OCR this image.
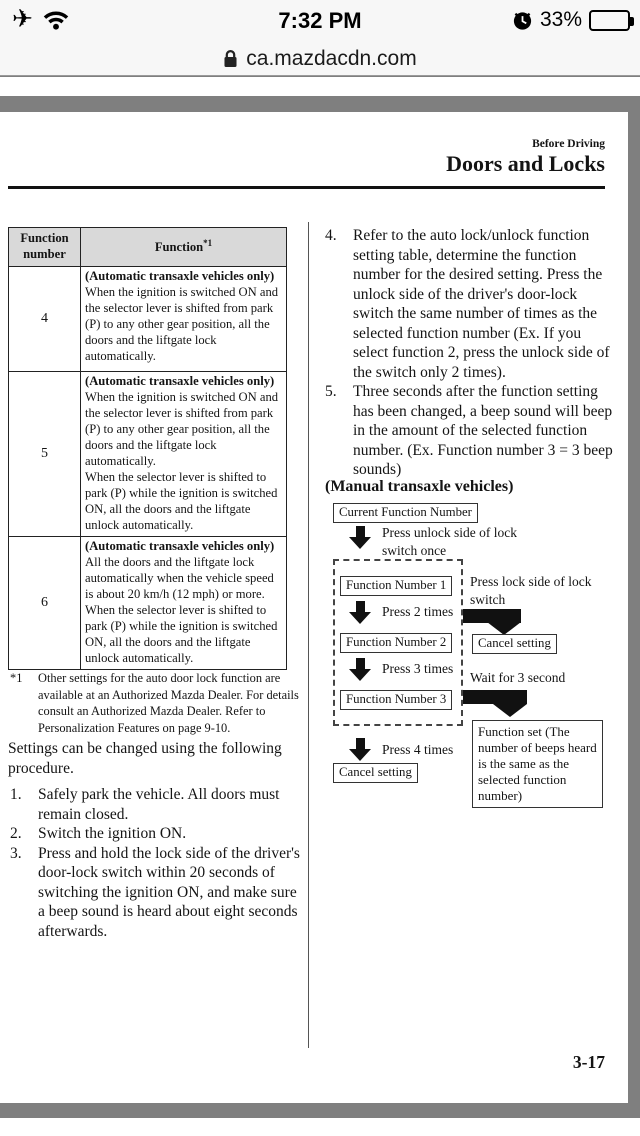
✈	7:32 PM	33%
ca.mazdacdn.com
Before Driving
Doors and Locks
Function number	Function$^{*1}$
4	(Automatic transaxle vehicles only)
When the ignition is switched ON and the selector lever is shifted from park (P) to any other gear position, all the doors and the liftgate lock automatically.

5	(Automatic transaxle vehicles only)
When the ignition is switched ON and the selector lever is shifted from park (P) to any other gear position, all the doors and the liftgate lock automatically.
When the selector lever is shifted to park (P) while the ignition is switched ON, all the doors and the liftgate unlock automatically.

6	(Automatic transaxle vehicles only)
All the doors and the liftgate lock automatically when the vehicle speed is about 20 km/h (12 mph) or more.
When the selector lever is shifted to park (P) while the ignition is switched ON, all the doors and the liftgate unlock automatically.
*1	Other settings for the auto door lock function are available at an Authorized Mazda Dealer. For details consult an Authorized Mazda Dealer. Refer to Personalization Features on page 9-10.
Settings can be changed using the following procedure.
1. Safely park the vehicle. All doors must remain closed.
2. Switch the ignition ON.
3. Press and hold the lock side of the driver's door-lock switch within 20 seconds of switching the ignition ON, and make sure a beep sound is heard about eight seconds afterwards.
4. Refer to the auto lock/unlock function setting table, determine the function number for the desired setting. Press the unlock side of the driver's door-lock switch the same number of times as the selected function number (Ex. If you select function 2, press the unlock side of the switch only 2 times).
5. Three seconds after the function setting has been changed, a beep sound will beep in the amount of the selected function number. (Ex. Function number 3 = 3 beep sounds)
(Manual transaxle vehicles)
Current Function Number
Press unlock side of lock switch once
Function Number 1
Press 2 times
Function Number 2
Press 3 times
Function Number 3
Press lock side of lock switch
Cancel setting
Wait for 3 second
Function set (The number of beeps heard is the same as the selected function number)
Press 4 times
Cancel setting
3-17
